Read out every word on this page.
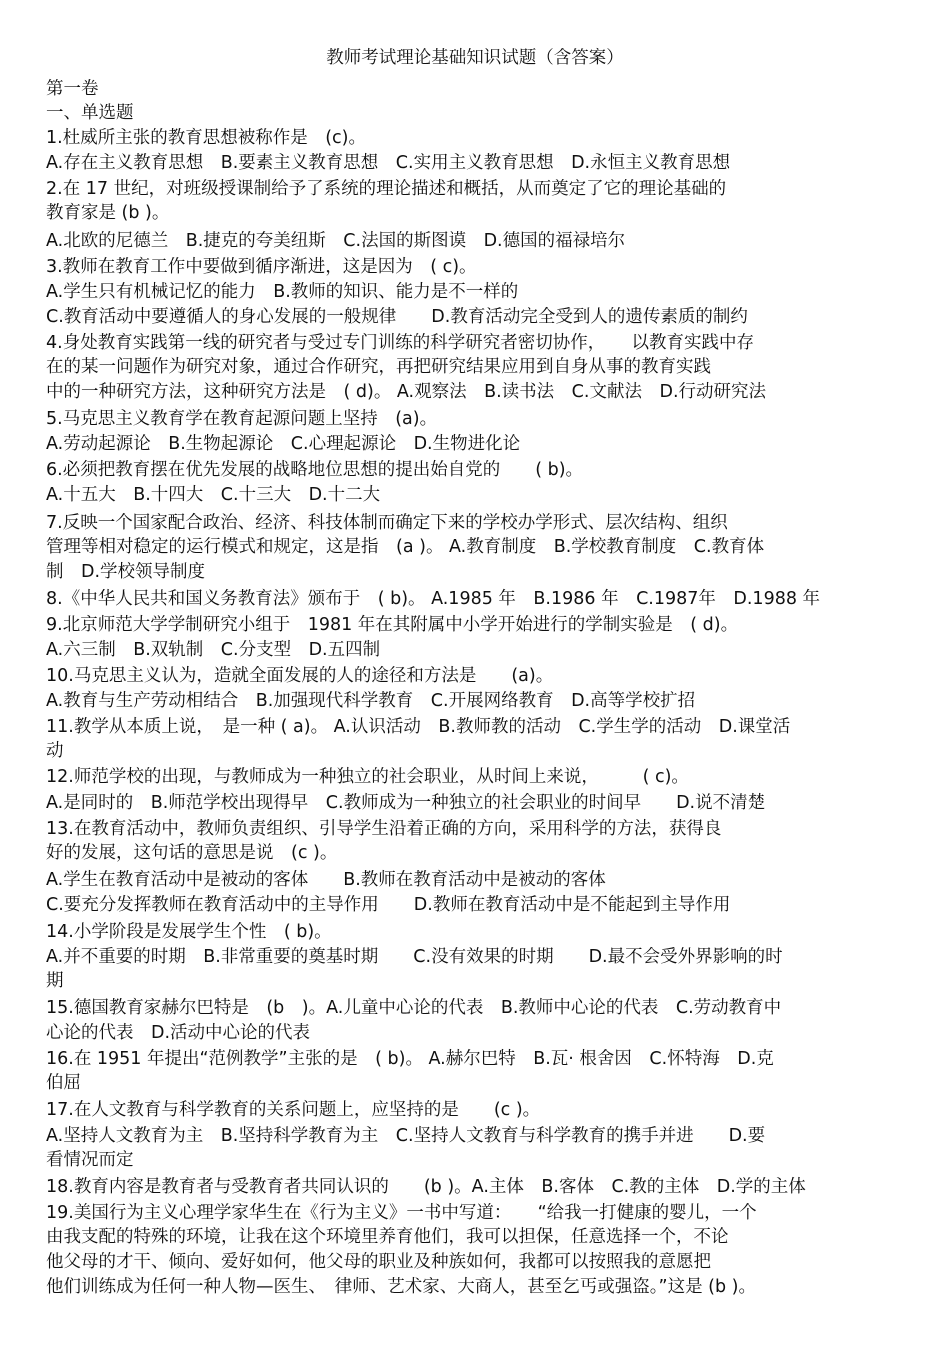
教师考试理论基础知识试题（含答案）
第一卷
一、单选题
1.杜威所主张的教育思想被称作是　(c)。
A.存在主义教育思想　B.要素主义教育思想　C.实用主义教育思想　D.永恒主义教育思想
2.在 17 世纪，对班级授课制给予了系统的理论描述和概括，从而奠定了它的理论基础的
教育家是 (b )。
A.北欧的尼德兰　B.捷克的夸美纽斯　C.法国的斯图谟　D.德国的福禄培尔
3.教师在教育工作中要做到循序渐进，这是因为　( c)。
A.学生只有机械记忆的能力　B.教师的知识、能力是不一样的
C.教育活动中要遵循人的身心发展的一般规律　　D.教育活动完全受到人的遗传素质的制约
4.身处教育实践第一线的研究者与受过专门训练的科学研究者密切协作，　　以教育实践中存
在的某一问题作为研究对象，通过合作研究，再把研究结果应用到自身从事的教育实践
中的一种研究方法，这种研究方法是　( d)。 A.观察法　B.读书法　C.文献法　D.行动研究法
5.马克思主义教育学在教育起源问题上坚持　(a)。
A.劳动起源论　B.生物起源论　C.心理起源论　D.生物进化论
6.必须把教育摆在优先发展的战略地位思想的提出始自党的　　( b)。
A.十五大　B.十四大　C.十三大　D.十二大
7.反映一个国家配合政治、经济、科技体制而确定下来的学校办学形式、层次结构、组织
管理等相对稳定的运行模式和规定，这是指　(a )。 A.教育制度　B.学校教育制度　C.教育体
制　D.学校领导制度
8.《中华人民共和国义务教育法》颁布于　( b)。 A.1985 年　B.1986 年　C.1987年　D.1988 年
9.北京师范大学学制研究小组于　1981 年在其附属中小学开始进行的学制实验是　( d)。
A.六三制　B.双轨制　C.分支型　D.五四制
10.马克思主义认为，造就全面发展的人的途径和方法是　　(a)。
A.教育与生产劳动相结合　B.加强现代科学教育　C.开展网络教育　D.高等学校扩招
11.教学从本质上说，　是一种 ( a)。 A.认识活动　B.教师教的活动　C.学生学的活动　D.课堂活
动
12.师范学校的出现，与教师成为一种独立的社会职业，从时间上来说，　　　( c)。
A.是同时的　B.师范学校出现得早　C.教师成为一种独立的社会职业的时间早　　D.说不清楚
13.在教育活动中，教师负责组织、引导学生沿着正确的方向，采用科学的方法，获得良
好的发展，这句话的意思是说　(c )。
A.学生在教育活动中是被动的客体　　B.教师在教育活动中是被动的客体
C.要充分发挥教师在教育活动中的主导作用　　D.教师在教育活动中是不能起到主导作用
14.小学阶段是发展学生个性　( b)。
A.并不重要的时期　B.非常重要的奠基时期　　C.没有效果的时期　　D.最不会受外界影响的时
期
15.德国教育家赫尔巴特是　(b　)。A.儿童中心论的代表　B.教师中心论的代表　C.劳动教育中
心论的代表　D.活动中心论的代表
16.在 1951 年提出“范例教学”主张的是　( b)。 A.赫尔巴特　B.瓦· 根舍因　C.怀特海　D.克
伯屈
17.在人文教育与科学教育的关系问题上，应坚持的是　　(c )。
A.坚持人文教育为主　B.坚持科学教育为主　C.坚持人文教育与科学教育的携手并进　　D.要
看情况而定
18.教育内容是教育者与受教育者共同认识的　　(b )。A.主体　B.客体　C.教的主体　D.学的主体
19.美国行为主义心理学家华生在《行为主义》一书中写道：　　“给我一打健康的婴儿，一个
由我支配的特殊的环境，让我在这个环境里养育他们，我可以担保，任意选择一个，不论
他父母的才干、倾向、爱好如何，他父母的职业及种族如何，我都可以按照我的意愿把
他们训练成为任何一种人物—医生、　律师、艺术家、大商人，甚至乞丐或强盗。”这是 (b )。
